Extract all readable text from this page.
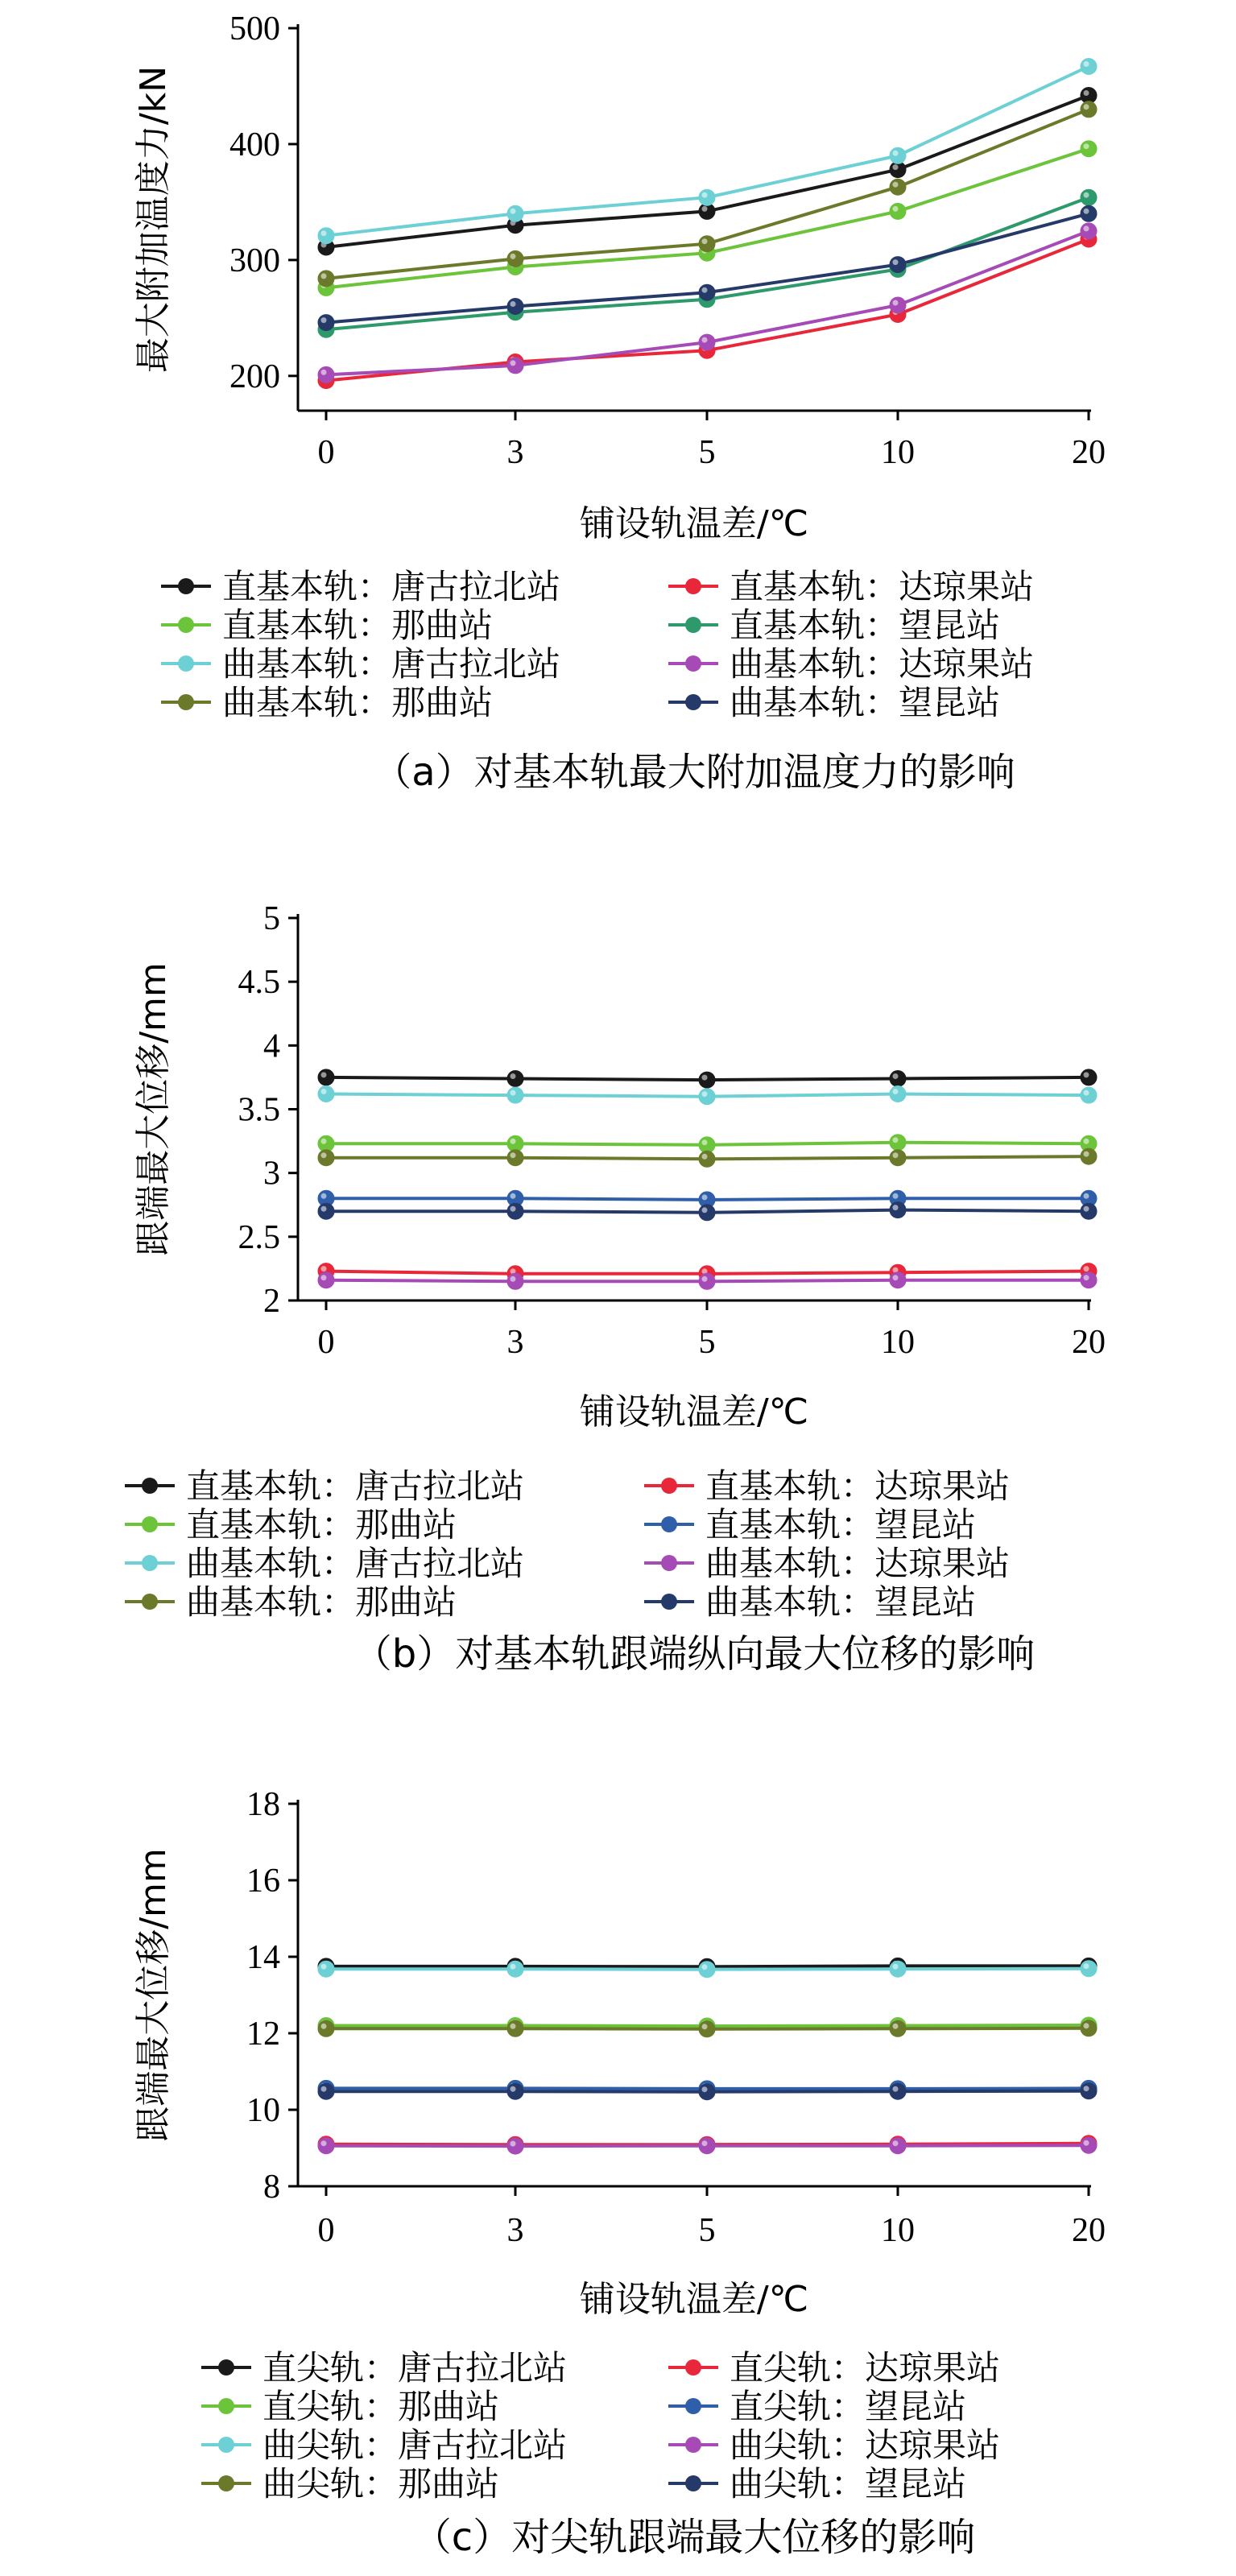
200
300
400
500
0	3	5	10	20
铺设轨温差/℃
最大附加温度力/kN
直基本轨：唐古拉北站	直基本轨：达琼果站
直基本轨：那曲站	直基本轨：望昆站
曲基本轨：唐古拉北站	曲基本轨：达琼果站
曲基本轨：那曲站	曲基本轨：望昆站
（a）对基本轨最大附加温度力的影响
2
2.5
3
3.5
4
4.5
5
0	3	5	10	20
铺设轨温差/℃
跟端最大位移/mm
直基本轨：唐古拉北站	直基本轨：达琼果站
直基本轨：那曲站	直基本轨：望昆站
曲基本轨：唐古拉北站	曲基本轨：达琼果站
曲基本轨：那曲站	曲基本轨：望昆站
（b）对基本轨跟端纵向最大位移的影响
8
10
12
14
16
18
0	3	5	10	20
铺设轨温差/℃
跟端最大位移/mm
直尖轨：唐古拉北站	直尖轨：达琼果站
直尖轨：那曲站	直尖轨：望昆站
曲尖轨：唐古拉北站	曲尖轨：达琼果站
曲尖轨：那曲站	曲尖轨：望昆站
（c）对尖轨跟端最大位移的影响
